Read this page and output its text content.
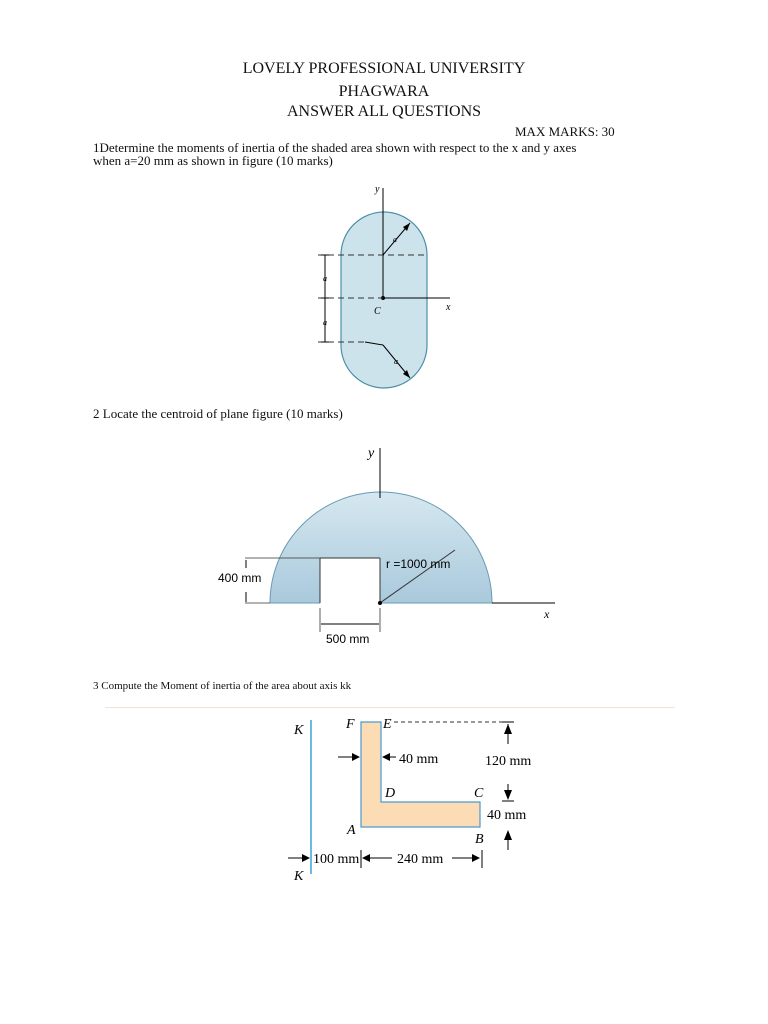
LOVELY PROFESSIONAL UNIVERSITY
PHAGWARA
ANSWER ALL QUESTIONS
MAX MARKS: 30
1Determine the moments of inertia of the shaded area shown with respect to the x and y axes
when a=20 mm as shown in figure (10 marks)
y
x
C
a
a
a
a
2 Locate the centroid of plane figure (10 marks)
y
x
r =1000 mm
400 mm
500 mm
3 Compute the Moment of inertia of the area about axis kk
K
K
F E
D	C
B
A
40 mm	120 mm
40 mm
100 mm	240 mm
